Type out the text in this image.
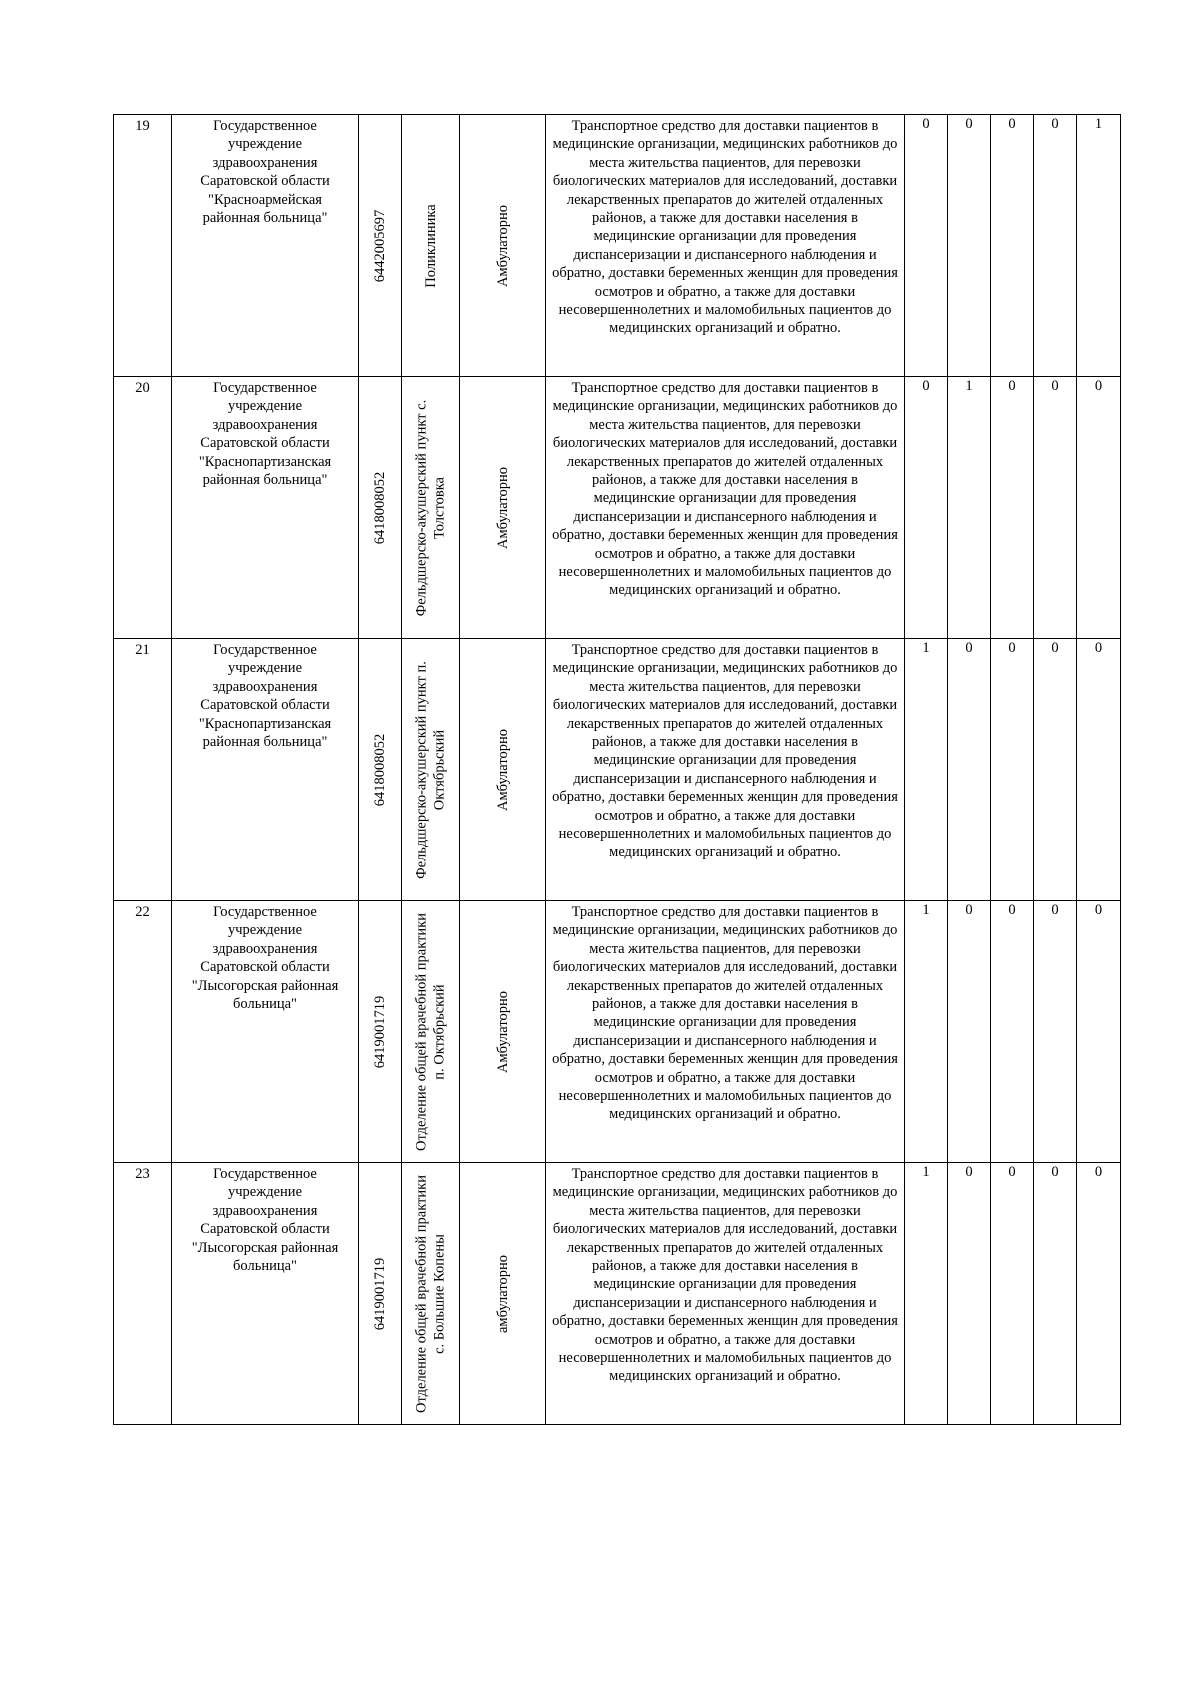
19	Государственное учреждение здравоохранения Саратовской области "Красноармейская районная больница"	6442005697	Поликлиника	Амбулаторно	Транспортное средство для доставки пациентов в медицинские организации, медицинских работников до места жительства пациентов, для перевозки биологических материалов для исследований, доставки лекарственных препаратов до жителей отдаленных районов, а также для доставки населения в медицинские организации для проведения диспансеризации и диспансерного наблюдения и обратно, доставки беременных женщин для проведения осмотров и обратно, а также для доставки несовершеннолетних и маломобильных пациентов до медицинских организаций и обратно.	0	0	0	0	1

20	Государственное учреждение здравоохранения Саратовской области "Краснопартизанская районная больница"	6418008052	Фельдшерско-акушерский пункт с. Толстовка	Амбулаторно	Транспортное средство для доставки пациентов в медицинские организации, медицинских работников до места жительства пациентов, для перевозки биологических материалов для исследований, доставки лекарственных препаратов до жителей отдаленных районов, а также для доставки населения в медицинские организации для проведения диспансеризации и диспансерного наблюдения и обратно, доставки беременных женщин для проведения осмотров и обратно, а также для доставки несовершеннолетних и маломобильных пациентов до медицинских организаций и обратно.	0	1	0	0	0

21	Государственное учреждение здравоохранения Саратовской области "Краснопартизанская районная больница"	6418008052	Фельдшерско-акушерский пункт п. Октябрьский	Амбулаторно	Транспортное средство для доставки пациентов в медицинские организации, медицинских работников до места жительства пациентов, для перевозки биологических материалов для исследований, доставки лекарственных препаратов до жителей отдаленных районов, а также для доставки населения в медицинские организации для проведения диспансеризации и диспансерного наблюдения и обратно, доставки беременных женщин для проведения осмотров и обратно, а также для доставки несовершеннолетних и маломобильных пациентов до медицинских организаций и обратно.	1	0	0	0	0

22	Государственное учреждение здравоохранения Саратовской области "Лысогорская районная больница"	6419001719	Отделение общей врачебной практики п. Октябрьский	Амбулаторно	Транспортное средство для доставки пациентов в медицинские организации, медицинских работников до места жительства пациентов, для перевозки биологических материалов для исследований, доставки лекарственных препаратов до жителей отдаленных районов, а также для доставки населения в медицинские организации для проведения диспансеризации и диспансерного наблюдения и обратно, доставки беременных женщин для проведения осмотров и обратно, а также для доставки несовершеннолетних и маломобильных пациентов до медицинских организаций и обратно.	1	0	0	0	0

23	Государственное учреждение здравоохранения Саратовской области "Лысогорская районная больница"	6419001719	Отделение общей врачебной практики с. Большие Копены	амбулаторно	Транспортное средство для доставки пациентов в медицинские организации, медицинских работников до места жительства пациентов, для перевозки биологических материалов для исследований, доставки лекарственных препаратов до жителей отдаленных районов, а также для доставки населения в медицинские организации для проведения диспансеризации и диспансерного наблюдения и обратно, доставки беременных женщин для проведения осмотров и обратно, а также для доставки несовершеннолетних и маломобильных пациентов до медицинских организаций и обратно.	1	0	0	0	0
